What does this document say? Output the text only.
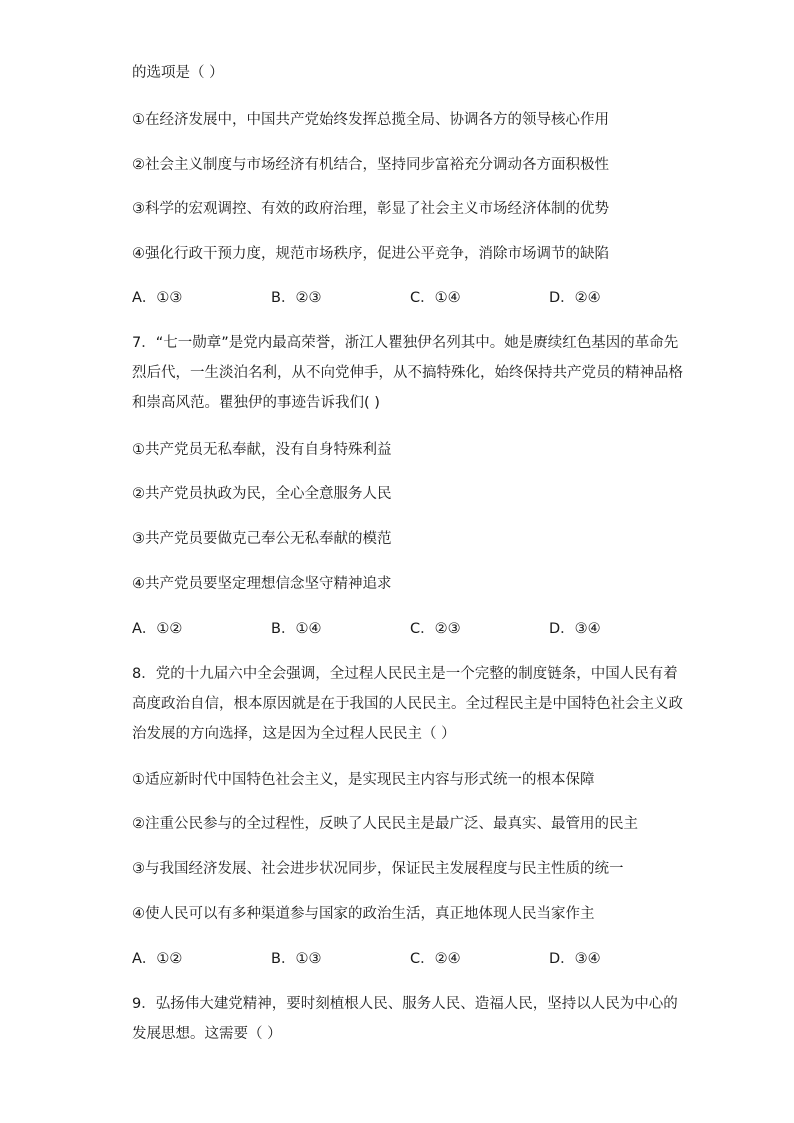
的选项是（ ）
①在经济发展中，中国共产党始终发挥总揽全局、协调各方的领导核心作用
②社会主义制度与市场经济有机结合，坚持同步富裕充分调动各方面积极性
③科学的宏观调控、有效的政府治理，彰显了社会主义市场经济体制的优势
④强化行政干预力度，规范市场秩序，促进公平竞争，消除市场调节的缺陷
A．①③	B．②③	C．①④	D．②④
7．“七一勋章”是党内最高荣誉，浙江人瞿独伊名列其中。她是赓续红色基因的革命先
烈后代，一生淡泊名利，从不向党伸手，从不搞特殊化，始终保持共产党员的精神品格
和崇高风范。瞿独伊的事迹告诉我们( )
①共产党员无私奉献，没有自身特殊利益
②共产党员执政为民，全心全意服务人民
③共产党员要做克己奉公无私奉献的模范
④共产党员要坚定理想信念坚守精神追求
A．①②	B．①④	C．②③	D．③④
8．党的十九届六中全会强调，全过程人民民主是一个完整的制度链条，中国人民有着
高度政治自信，根本原因就是在于我国的人民民主。全过程民主是中国特色社会主义政
治发展的方向选择，这是因为全过程人民民主（ ）
①适应新时代中国特色社会主义，是实现民主内容与形式统一的根本保障
②注重公民参与的全过程性，反映了人民民主是最广泛、最真实、最管用的民主
③与我国经济发展、社会进步状况同步，保证民主发展程度与民主性质的统一
④使人民可以有多种渠道参与国家的政治生活，真正地体现人民当家作主
A．①②	B．①③	C．②④	D．③④
9．弘扬伟大建党精神，要时刻植根人民、服务人民、造福人民，坚持以人民为中心的
发展思想。这需要（ ）
